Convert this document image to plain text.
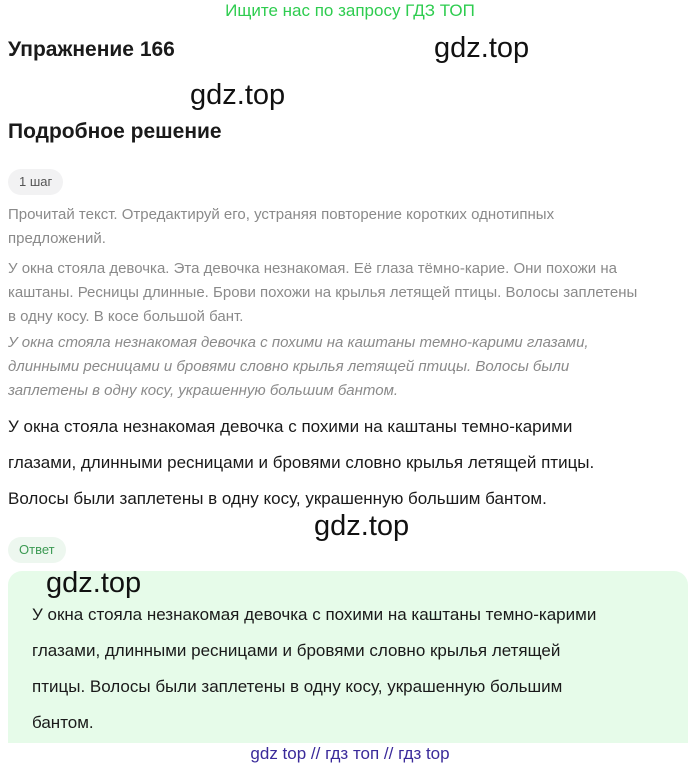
Ищите нас по запросу ГДЗ ТОП
Упражнение 166	gdz.top
gdz.top
Подробное решение
1 шаг
Прочитай текст. Отредактируй его, устраняя повторение коротких однотипных предложений.
У окна стояла девочка. Эта девочка незнакомая. Её глаза тёмно-карие. Они похожи на каштаны. Ресницы длинные. Брови похожи на крылья летящей птицы. Волосы заплетены в одну косу. В косе большой бант.
У окна стояла незнакомая девочка с похими на каштаны темно-карими глазами, длинными ресницами и бровями словно крылья летящей птицы. Волосы были заплетены в одну косу, украшенную большим бантом.
У окна стояла незнакомая девочка с похими на каштаны темно-карими
глазами, длинными ресницами и бровями словно крылья летящей птицы.
Волосы были заплетены в одну косу, украшенную большим бантом.
gdz.top
Ответ
gdz.top
У окна стояла незнакомая девочка с похими на каштаны темно-карими
глазами, длинными ресницами и бровями словно крылья летящей
птицы. Волосы были заплетены в одну косу, украшенную большим
бантом.
gdz top // гдз топ // гдз top
